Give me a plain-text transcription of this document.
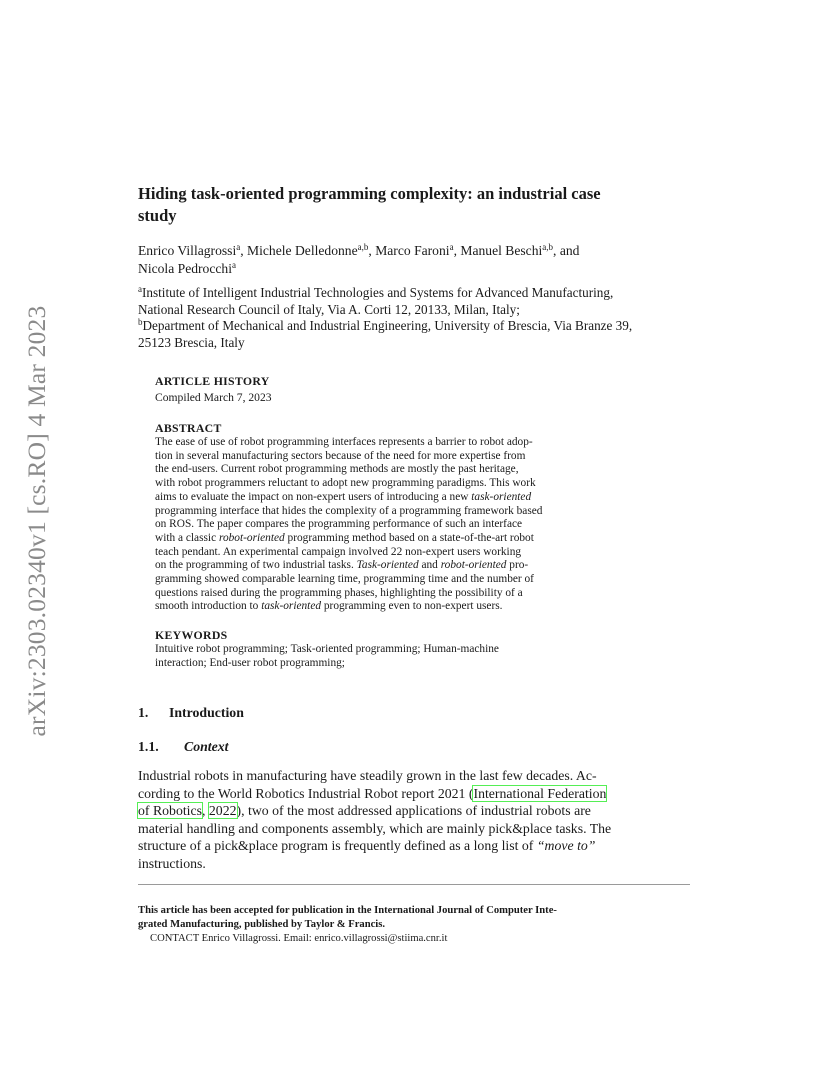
arXiv:2303.02340v1 [cs.RO] 4 Mar 2023
Hiding task-oriented programming complexity: an industrial case
study
Enrico Villagrossi$^a$, Michele Delledonne$^{a,b}$, Marco Faroni$^a$, Manuel Beschi$^{a,b}$, and
Nicola Pedrocchi$^a$
$^a$Institute of Intelligent Industrial Technologies and Systems for Advanced Manufacturing,
National Research Council of Italy, Via A. Corti 12, 20133, Milan, Italy;
$^b$Department of Mechanical and Industrial Engineering, University of Brescia, Via Branze 39,
25123 Brescia, Italy
ARTICLE HISTORY
Compiled March 7, 2023
ABSTRACT
The ease of use of robot programming interfaces represents a barrier to robot adop-
tion in several manufacturing sectors because of the need for more expertise from
the end-users. Current robot programming methods are mostly the past heritage,
with robot programmers reluctant to adopt new programming paradigms. This work
aims to evaluate the impact on non-expert users of introducing a new task-oriented
programming interface that hides the complexity of a programming framework based
on ROS. The paper compares the programming performance of such an interface
with a classic robot-oriented programming method based on a state-of-the-art robot
teach pendant. An experimental campaign involved 22 non-expert users working
on the programming of two industrial tasks. Task-oriented and robot-oriented pro-
gramming showed comparable learning time, programming time and the number of
questions raised during the programming phases, highlighting the possibility of a
smooth introduction to task-oriented programming even to non-expert users.
KEYWORDS
Intuitive robot programming; Task-oriented programming; Human-machine
interaction; End-user robot programming;
1. Introduction
1.1. Context
Industrial robots in manufacturing have steadily grown in the last few decades. Ac-
cording to the World Robotics Industrial Robot report 2021 (International Federation
of Robotics, 2022), two of the most addressed applications of industrial robots are
material handling and components assembly, which are mainly pick&place tasks. The
structure of a pick&place program is frequently defined as a long list of “move to”
instructions.
This article has been accepted for publication in the International Journal of Computer Inte-
grated Manufacturing, published by Taylor & Francis.
CONTACT Enrico Villagrossi. Email: enrico.villagrossi@stiima.cnr.it
